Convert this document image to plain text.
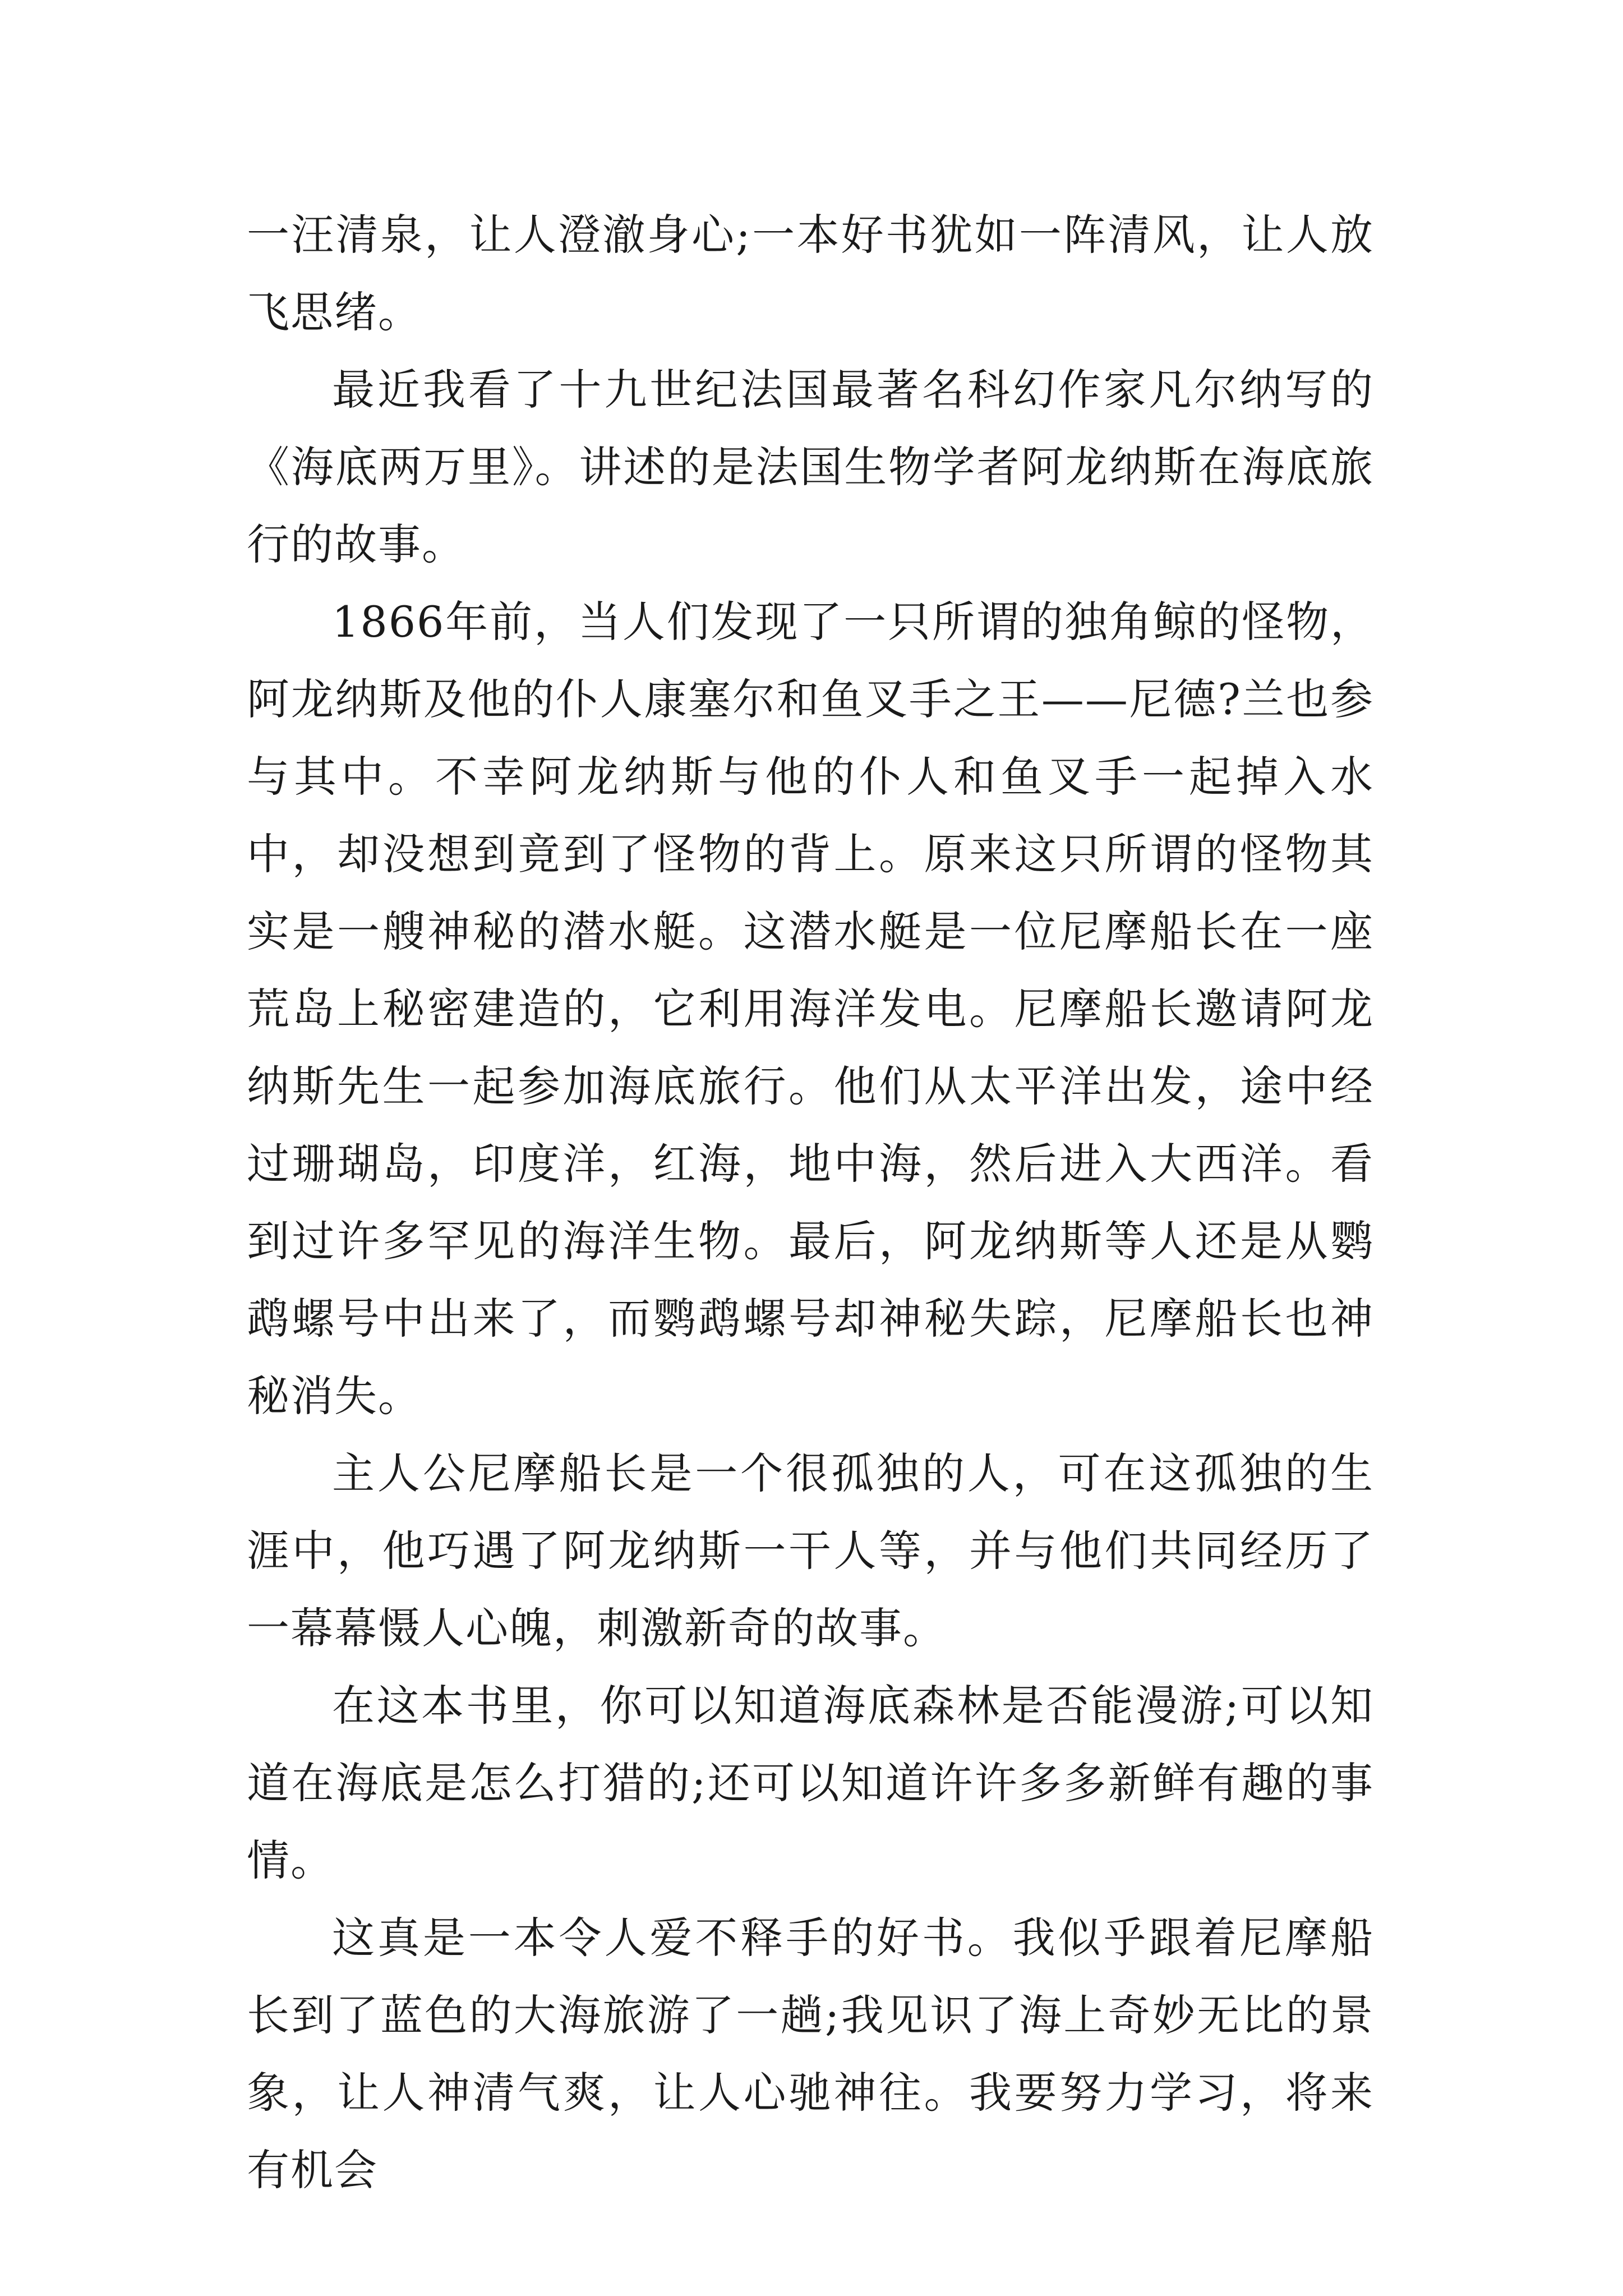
一汪清泉，让人澄澈身心;一本好书犹如一阵清风，让人放飞思绪。

最近我看了十九世纪法国最著名科幻作家凡尔纳写的《海底两万里》。讲述的是法国生物学者阿龙纳斯在海底旅行的故事。

1866年前，当人们发现了一只所谓的独角鲸的怪物，阿龙纳斯及他的仆人康塞尔和鱼叉手之王——尼德?兰也参与其中。不幸阿龙纳斯与他的仆人和鱼叉手一起掉入水中，却没想到竟到了怪物的背上。原来这只所谓的怪物其实是一艘神秘的潜水艇。这潜水艇是一位尼摩船长在一座荒岛上秘密建造的，它利用海洋发电。尼摩船长邀请阿龙纳斯先生一起参加海底旅行。他们从太平洋出发，途中经过珊瑚岛，印度洋，红海，地中海，然后进入大西洋。看到过许多罕见的海洋生物。最后，阿龙纳斯等人还是从鹦鹉螺号中出来了，而鹦鹉螺号却神秘失踪，尼摩船长也神秘消失。

主人公尼摩船长是一个很孤独的人，可在这孤独的生涯中，他巧遇了阿龙纳斯一干人等，并与他们共同经历了一幕幕慑人心魄，刺激新奇的故事。

在这本书里，你可以知道海底森林是否能漫游;可以知道在海底是怎么打猎的;还可以知道许许多多新鲜有趣的事情。

这真是一本令人爱不释手的好书。我似乎跟着尼摩船长到了蓝色的大海旅游了一趟;我见识了海上奇妙无比的景象，让人神清气爽，让人心驰神往。我要努力学习，将来有机会
